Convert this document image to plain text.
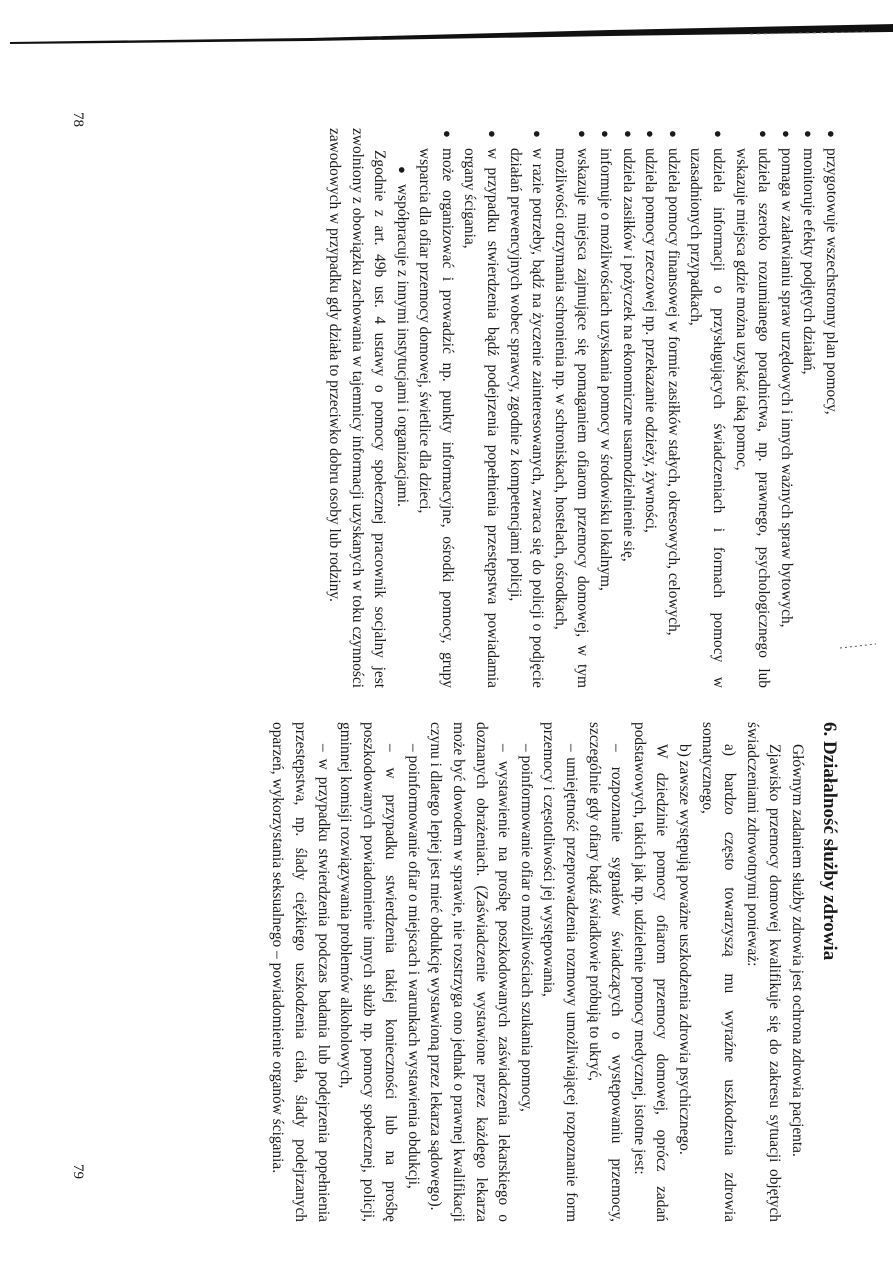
●
przygotowuje wszechstronny plan pomocy,
●
monitoruje efekty podjętych działań,
●
pomaga w załatwianiu spraw urzędowych i innych ważnych spraw bytowych,
●
udziela szeroko rozumianego poradnictwa, np. prawnego, psychologicznego lub wskazuje miejsca gdzie można uzyskać taką pomoc,
●
udziela informacji o przysługujących świadczeniach i formach pomocy w uzasadnionych przypadkach,
●
udziela pomocy finansowej w formie zasiłków stałych, okresowych, celowych,
●
udziela pomocy rzeczowej np. przekazanie odzieży, żywności,
●
udziela zasiłków i pożyczek na ekonomiczne usamodzielnienie się,
●
informuje o możliwościach uzyskania pomocy w środowisku lokalnym,
●
wskazuje miejsca zajmujące się pomaganiem ofiarom przemocy domowej, w tym możliwości otrzymania schronienia np. w schroniskach, hostelach, ośrodkach,
●
w razie potrzeby, bądź na życzenie zainteresowanych, zwraca się do policji o podjęcie działań prewencyjnych wobec sprawcy, zgodnie z kompetencjami policji,
●
w przypadku stwierdzenia bądź podejrzenia popełnienia przestępstwa powiadamia organy ścigania,
●
może organizować i prowadzić np. punkty informacyjne, ośrodki pomocy, grupy wsparcia dla ofiar przemocy domowej, świetlice dla dzieci,
●
współpracuje z innymi instytucjami i organizacjami.

Zgodnie z art. 49b ust. 4 ustawy o pomocy społecznej pracownik socjalny jest zwolniony z obowiązku zachowania w tajemnicy informacji uzyskanych w toku czynności zawodowych w przypadku gdy działa to przeciwko dobru osoby lub rodziny.

6. Działalność służby zdrowia

Głównym zadaniem służby zdrowia jest ochrona zdrowia pacjenta.

Zjawisko przemocy domowej kwalifikuje się do zakresu sytuacji objętych świadczeniami zdrowotnymi ponieważ:

a) bardzo często towarzyszą mu wyraźne uszkodzenia zdrowia somatycznego,

b) zawsze występują poważne uszkodzenia zdrowia psychicznego.

W dziedzinie pomocy ofiarom przemocy domowej, oprócz zadań podstawowych, takich jak np. udzielenie pomocy medycznej, istotne jest:

– rozpoznanie sygnałów świadczących o występowaniu przemocy, szczególnie gdy ofiary bądź świadkowie próbują to ukryć,

– umiejętność przeprowadzenia rozmowy umożliwiającej rozpoznanie form przemocy i częstotliwości jej występowania,

– poinformowanie ofiar o możliwościach szukania pomocy,

– wystawienie na prośbę poszkodowanych zaświadczenia lekarskiego o doznanych obrażeniach. (Zaświadczenie wystawione przez każdego lekarza może być dowodem w sprawie, nie rozstrzyga ono jednak o prawnej kwalifikacji czynu i dlatego lepiej jest mieć obdukcję wystawioną przez lekarza sądowego).

– poinformowanie ofiar o miejscach i warunkach wystawienia obdukcji,

– w przypadku stwierdzenia takiej konieczności lub na prośbę poszkodowanych powiadomienie innych służb np. pomocy społecznej, policji, gminnej komisji rozwiązywania problemów alkoholowych,

– w przypadku stwierdzenia podczas badania lub podejrzenia popełnienia przestępstwa, np. ślady ciężkiego uszkodzenia ciała, ślady podejrzanych oparzeń, wykorzystania seksualnego – powiadomienie organów ścigania.

78
79
